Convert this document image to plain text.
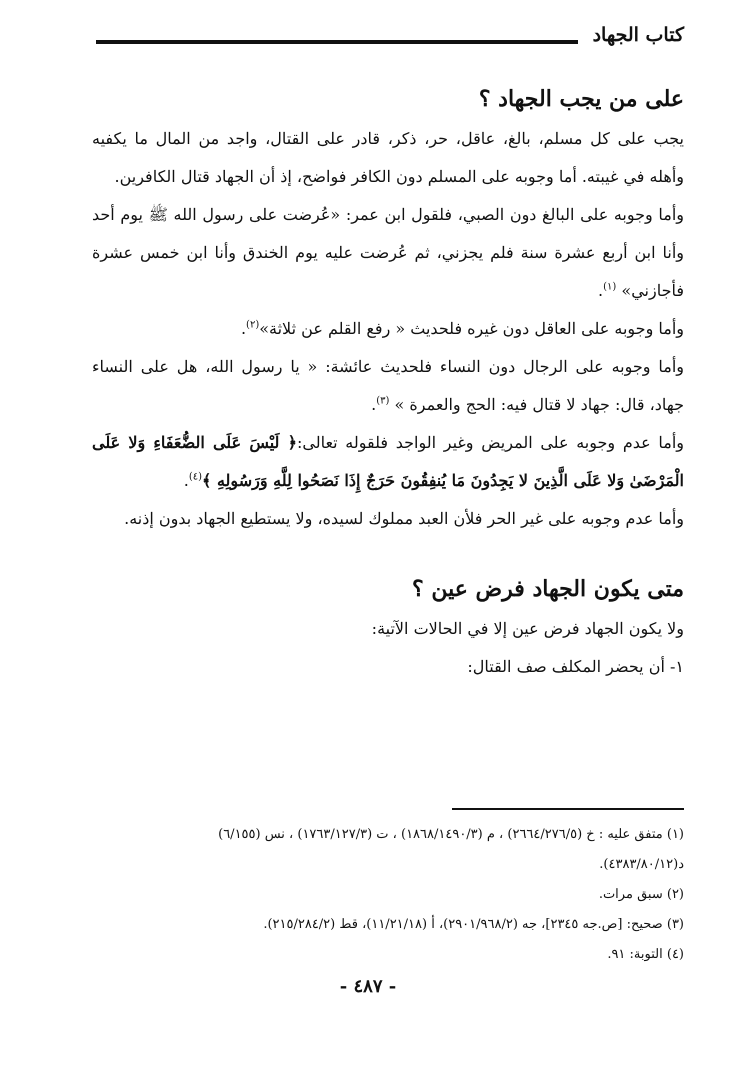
كتاب الجهاد
على من يجب الجهاد ؟

يجب على كل مسلم، بالغ، عاقل، حر، ذكر، قادر على القتال، واجد من المال ما يكفيه وأهله في غيبته. أما وجوبه على المسلم دون الكافر فواضح، إذ أن الجهاد قتال الكافرين.

وأما وجوبه على البالغ دون الصبي، فلقول ابن عمر: «عُرضت على رسول الله ﷺ يوم أحد وأنا ابن أربع عشرة سنة فلم يجزني، ثم عُرضت عليه يوم الخندق وأنا ابن خمس عشرة فأجازني» $^{(١)}$.

وأما وجوبه على العاقل دون غيره فلحديث « رفع القلم عن ثلاثة»$^{(٢)}$.

وأما وجوبه على الرجال دون النساء فلحديث عائشة: « يا رسول الله، هل على النساء جهاد، قال: جهاد لا قتال فيه: الحج والعمرة » $^{(٣)}$.

وأما عدم وجوبه على المريض وغير الواجد فلقوله تعالى:﴿ لَيْسَ عَلَى الضُّعَفَاءِ وَلا عَلَى الْمَرْضَىٰ وَلا عَلَى الَّذِينَ لا يَجِدُونَ مَا يُنفِقُونَ حَرَجٌ إِذَا نَصَحُوا لِلَّهِ وَرَسُولِهِ ﴾$^{(٤)}$.

وأما عدم وجوبه على غير الحر فلأن العبد مملوك لسيده، ولا يستطيع الجهاد بدون إذنه.

متى يكون الجهاد فرض عين ؟

ولا يكون الجهاد فرض عين إلا في الحالات الآتية:

١- أن يحضر المكلف صف القتال:

(١) متفق عليه : خ (٢٦٦٤/٢٧٦/٥) ، م (١٨٦٨/١٤٩٠/٣) ، ت (١٧٦٣/١٢٧/٣) ، نس (٦/١٥٥)

د(٤٣٨٣/٨٠/١٢).

(٢) سبق مرات.

(٣) صحيح: [ص.جه ٢٣٤٥]، جه (٢٩٠١/٩٦٨/٢)، أ (١١/٢١/١٨)، قط (٢١٥/٢٨٤/٢).

(٤) التوبة: ٩١.

- ٤٨٧ -
